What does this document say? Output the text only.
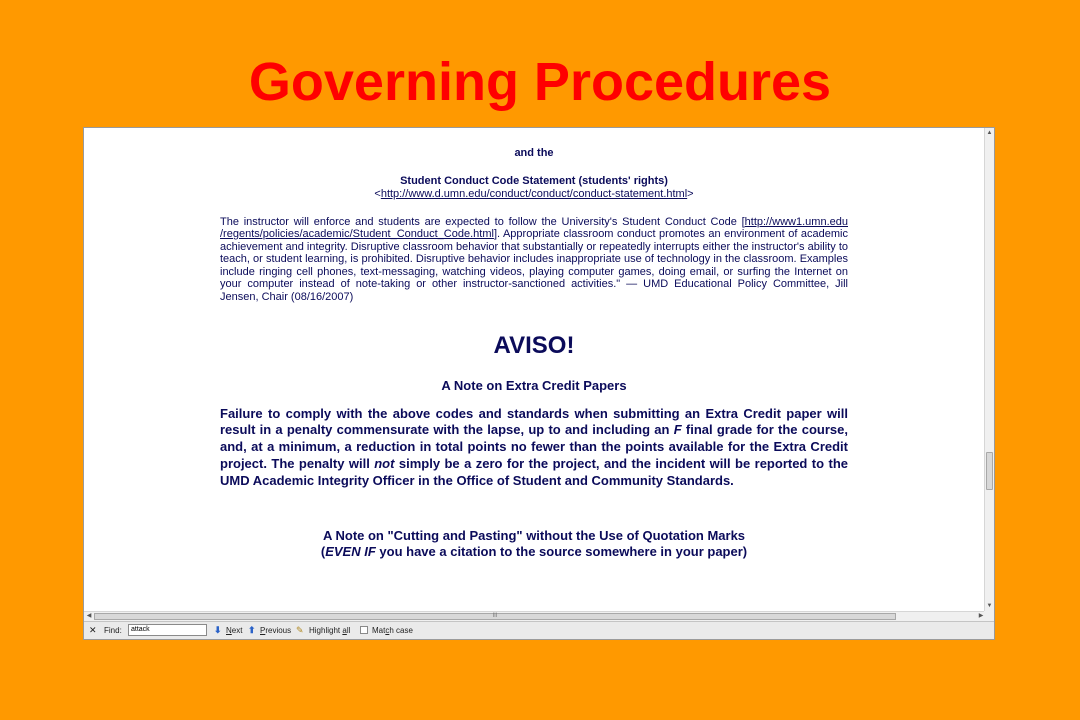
Governing Procedures
and the
Student Conduct Code Statement (students' rights)
<http://www.d.umn.edu/conduct/conduct/conduct-statement.html>
The instructor will enforce and students are expected to follow the University's Student Conduct Code [http://www1.umn.edu /regents/policies/academic/Student_Conduct_Code.html]. Appropriate classroom conduct promotes an environment of academic achievement and integrity. Disruptive classroom behavior that substantially or repeatedly interrupts either the instructor's ability to teach, or student learning, is prohibited. Disruptive behavior includes inappropriate use of technology in the classroom. Examples include ringing cell phones, text-messaging, watching videos, playing computer games, doing email, or surfing the Internet on your computer instead of note-taking or other instructor-sanctioned activities." — UMD Educational Policy Committee, Jill Jensen, Chair (08/16/2007)
AVISO!
A Note on Extra Credit Papers
Failure to comply with the above codes and standards when submitting an Extra Credit paper will result in a penalty commensurate with the lapse, up to and including an F final grade for the course, and, at a minimum, a reduction in total points no fewer than the points available for the Extra Credit project. The penalty will not simply be a zero for the project, and the incident will be reported to the UMD Academic Integrity Officer in the Office of Student and Community Standards.
A Note on "Cutting and Pasting" without the Use of Quotation Marks
(EVEN IF you have a citation to the source somewhere in your paper)
▲
▼
◀	III	▶
✕ Find:	attack	⬇ Next ⬆ Previous ✎ Highlight all	Match case
